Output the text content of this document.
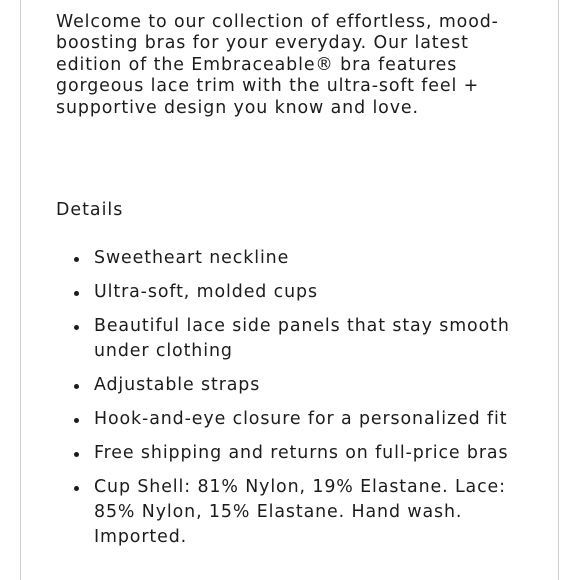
Welcome to our collection of effortless, mood-boosting bras for your everyday. Our latest edition of the Embraceable® bra features gorgeous lace trim with the ultra-soft feel + supportive design you know and love.

Details
Sweetheart neckline
Ultra-soft, molded cups
Beautiful lace side panels that stay smooth under clothing
Adjustable straps
Hook-and-eye closure for a personalized fit
Free shipping and returns on full-price bras
Cup Shell: 81% Nylon, 19% Elastane. Lace: 85% Nylon, 15% Elastane. Hand wash. Imported.
